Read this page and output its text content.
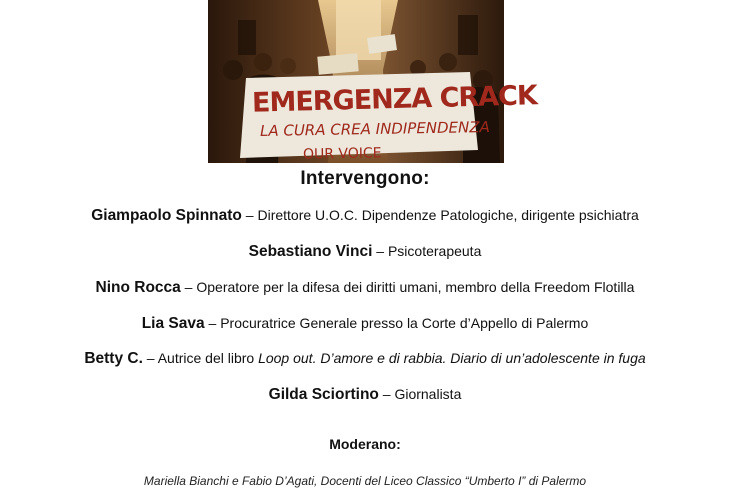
EMERGENZA CRACK
LA CURA CREA INDIPENDENZA
OUR VOICE
Intervengono:
Giampaolo Spinnato – Direttore U.O.C. Dipendenze Patologiche, dirigente psichiatra
Sebastiano Vinci – Psicoterapeuta
Nino Rocca – Operatore per la difesa dei diritti umani, membro della Freedom Flotilla
Lia Sava – Procuratrice Generale presso la Corte d’Appello di Palermo
Betty C. – Autrice del libro Loop out. D’amore e di rabbia. Diario di un’adolescente in fuga
Gilda Sciortino – Giornalista
Moderano:
Mariella Bianchi e Fabio D’Agati, Docenti del Liceo Classico “Umberto I” di Palermo
